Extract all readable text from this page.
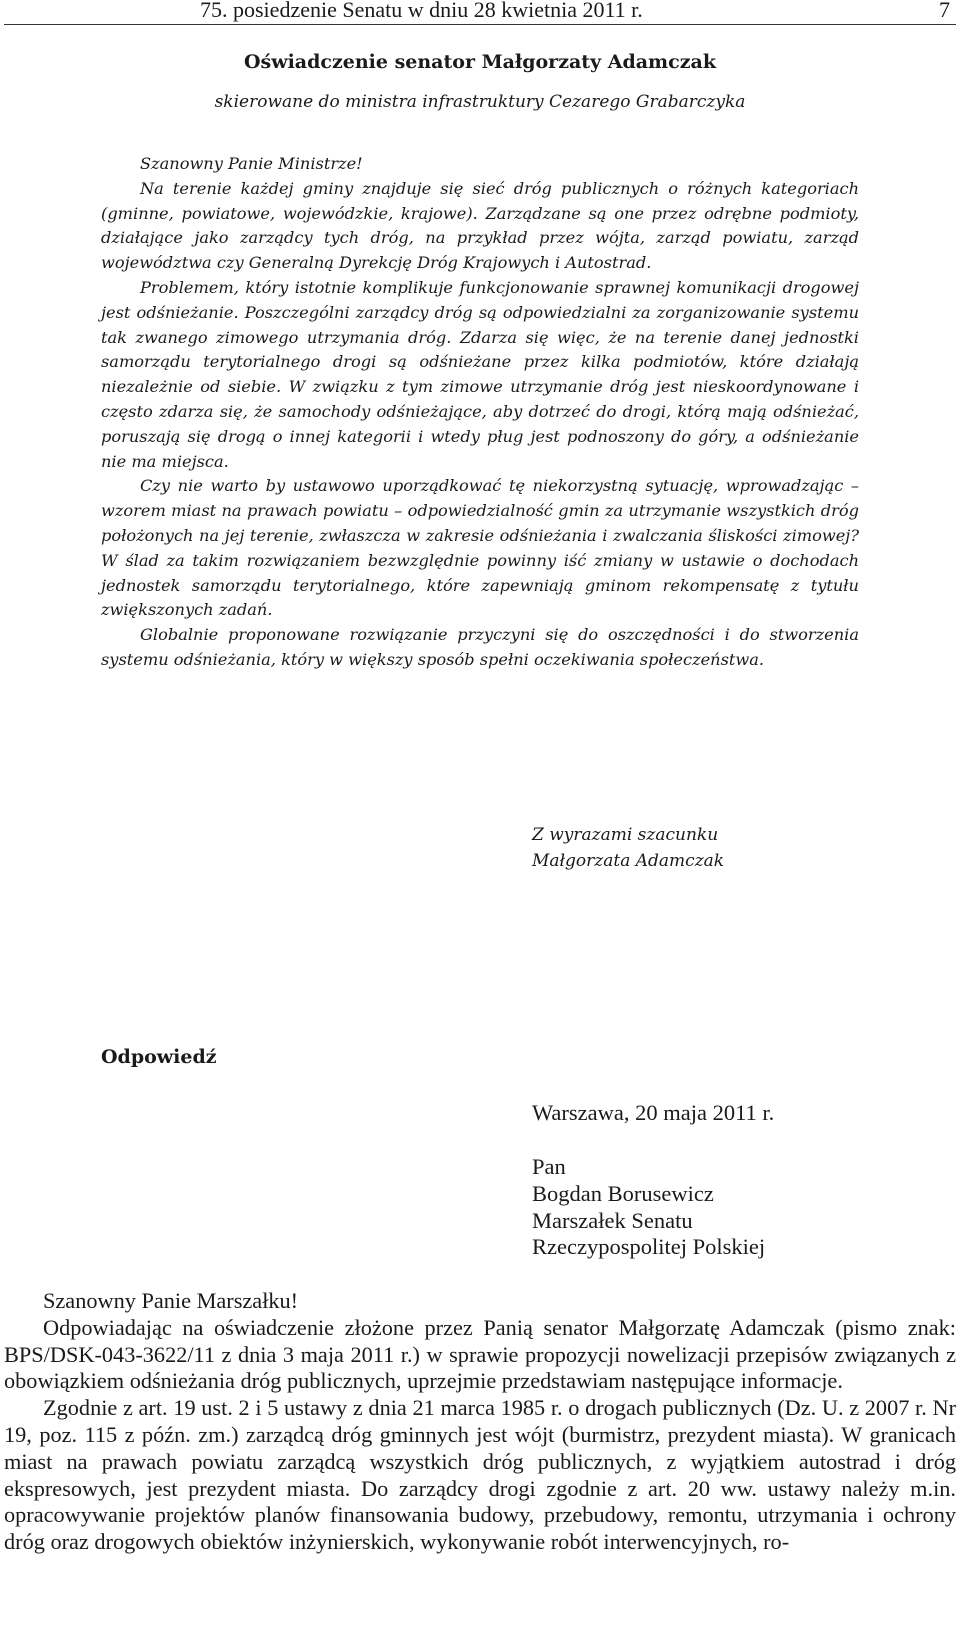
75. posiedzenie Senatu w dniu 28 kwietnia 2011 r.	7
Oświadczenie senator Małgorzaty Adamczak
skierowane do ministra infrastruktury Cezarego Grabarczyka

Szanowny Panie Ministrze!

Na terenie każdej gminy znajduje się sieć dróg publicznych o różnych kategoriach (gminne, powiatowe, wojewódzkie, krajowe). Zarządzane są one przez odrębne podmioty, działające jako zarządcy tych dróg, na przykład przez wójta, zarząd powiatu, zarząd województwa czy Generalną Dyrekcję Dróg Krajowych i Autostrad.

Problemem, który istotnie komplikuje funkcjonowanie sprawnej komunikacji drogowej jest odśnieżanie. Poszczególni zarządcy dróg są odpowiedzialni za zorganizowanie systemu tak zwanego zimowego utrzymania dróg. Zdarza się więc, że na terenie danej jednostki samorządu terytorialnego drogi są odśnieżane przez kilka podmiotów, które działają niezależnie od siebie. W związku z tym zimowe utrzymanie dróg jest nieskoordynowane i często zdarza się, że samochody odśnieżające, aby dotrzeć do drogi, którą mają odśnieżać, poruszają się drogą o innej kategorii i wtedy pług jest podnoszony do góry, a odśnieżanie nie ma miejsca.

Czy nie warto by ustawowo uporządkować tę niekorzystną sytuację, wprowadzając – wzorem miast na prawach powiatu – odpowiedzialność gmin za utrzymanie wszystkich dróg położonych na jej terenie, zwłaszcza w zakresie odśnieżania i zwalczania śliskości zimowej? W ślad za takim rozwiązaniem bezwzględnie powinny iść zmiany w ustawie o dochodach jednostek samorządu terytorialnego, które zapewniają gminom rekompensatę z tytułu zwiększonych zadań.

Globalnie proponowane rozwiązanie przyczyni się do oszczędności i do stworzenia systemu odśnieżania, który w większy sposób spełni oczekiwania społeczeństwa.

Z wyrazami szacunku
Małgorzata Adamczak
Odpowiedź
Warszawa, 20 maja 2011 r.
Pan
Bogdan Borusewicz
Marszałek Senatu
Rzeczypospolitej Polskiej

Szanowny Panie Marszałku!

Odpowiadając na oświadczenie złożone przez Panią senator Małgorzatę Adamczak (pismo znak: BPS/DSK-043-3622/11 z dnia 3 maja 2011 r.) w sprawie propozycji nowelizacji przepisów związanych z obowiązkiem odśnieżania dróg publicznych, uprzejmie przedstawiam następujące informacje.

Zgodnie z art. 19 ust. 2 i 5 ustawy z dnia 21 marca 1985 r. o drogach publicznych (Dz. U. z 2007 r. Nr 19, poz. 115 z późn. zm.) zarządcą dróg gminnych jest wójt (burmistrz, prezydent miasta). W granicach miast na prawach powiatu zarządcą wszystkich dróg publicznych, z wyjątkiem autostrad i dróg ekspresowych, jest prezydent miasta. Do zarządcy drogi zgodnie z art. 20 ww. ustawy należy m.in. opracowywanie projektów planów finansowania budowy, przebudowy, remontu, utrzymania i ochrony dróg oraz drogowych obiektów inżynierskich, wykonywanie robót interwencyjnych, ro-
